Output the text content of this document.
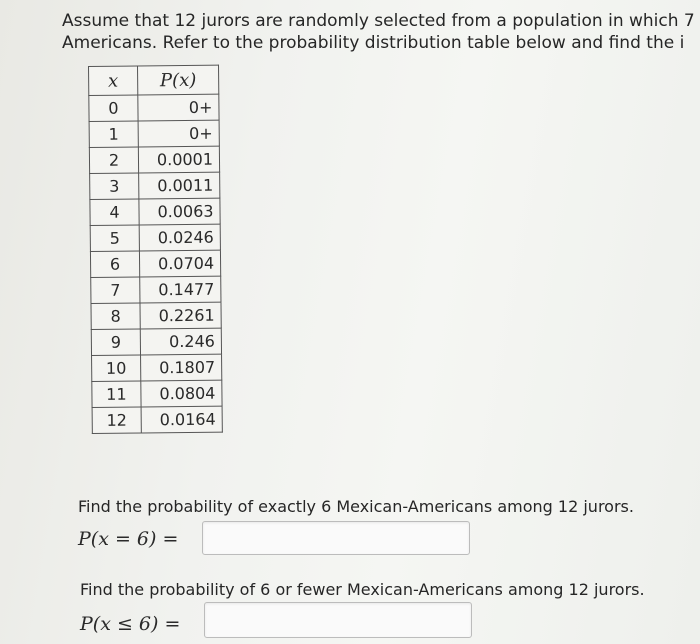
Assume that 12 jurors are randomly selected from a population in which 7
Americans. Refer to the probability distribution table below and find the i
x	P(x)
0	0+
1	0+
2	0.0001
3	0.0011
4	0.0063
5	0.0246
6	0.0704
7	0.1477
8	0.2261
9	0.246
10	0.1807
11	0.0804
12	0.0164
Find the probability of exactly 6 Mexican-Americans among 12 jurors.
P(x = 6) =
Find the probability of 6 or fewer Mexican-Americans among 12 jurors.
P(x ≤ 6) =
